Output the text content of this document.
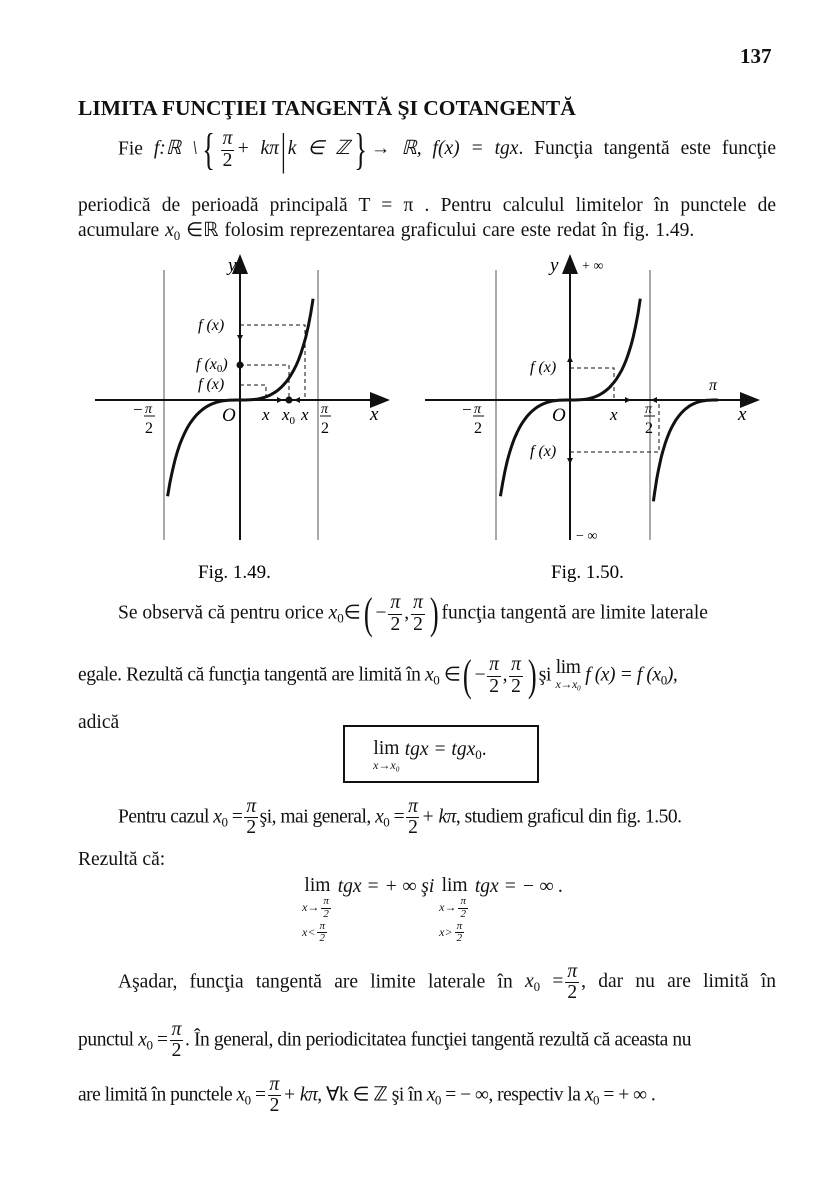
137
LIMITA FUNCŢIEI TANGENTĂ ŞI COTANGENTĂ
Fie f:ℝ \{ $\frac{\pi}{2} + k\pi|k$ ∈ ℤ} → ℝ, f(x) = tgx. Funcţia tangentă este funcţie
periodică de perioadă principală T = π . Pentru calculul limitelor în punctele de
acumulare $x_0$ ∈ℝ folosim reprezentarea graficului care este redat în fig. 1.49.
y
x
O
f (x)
f (x0)
f (x)
x $x_0$ x
− π
2
π
2
y + ∞
− ∞
x
O
f (x)
f (x)
x
π
− π
2
π
2
Fig. 1.49.	Fig. 1.50.
Se observă că pentru orice $x_0\in( - \frac{\pi}{2}$ , $\frac{\pi}{2}$ ) funcţia tangentă are limite laterale
egale. Rezultă că funcţia tangentă are limită în $x_0$ ∈( − $\frac{\pi}{2}$ , $\frac{\pi}{2}$ ) şi lim
x→x₀ f (x) = f $(x_0)$,
adică
lim
x→x₀
tgx = tgx$_0$.
Pentru cazul $x_0 = \frac{\pi}{2}$ şi, mai general, $x_0 = \frac{\pi}{2} + k\pi$, studiem graficul din fig. 1.50.
Rezultă că:
lim
$x\to \frac{\pi}{2}$
$x< \frac{\pi}{2}$
tgx = + ∞ şi lim
$x\to \frac{\pi}{2}$
$x> \frac{\pi}{2}$
tgx = − ∞ .
Aşadar, funcţia tangentă are limite laterale în $x_0 = \frac{\pi}{2}$ , dar nu are limită în
punctul $x_0 = \frac{\pi}{2}$ . În general, din periodicitatea funcţiei tangentă rezultă că aceasta nu
are limită în punctele $x_0 = \frac{\pi}{2} + k\pi$, ∀k ∈ ℤ şi în $x_0$ = − ∞, respectiv la $x_0$ = + ∞ .
